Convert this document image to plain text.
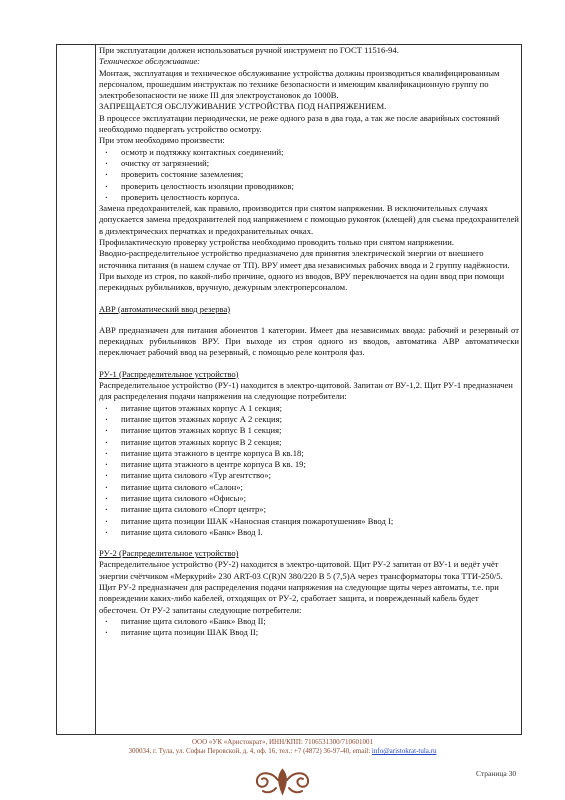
При эксплуатации должен использоваться ручной инструмент по ГОСТ 11516-94.

Техническое обслуживание:

Монтаж, эксплуатация и техническое обслуживание устройства должны производиться квалифицированным персоналом, прошедшим инструктаж по технике безопасности и имеющим квалификационную группу по электробезопасности не ниже III для электроустановок до 1000В.

ЗАПРЕЩАЕТСЯ ОБСЛУЖИВАНИЕ УСТРОЙСТВА ПОД НАПРЯЖЕНИЕМ.

В процессе эксплуатации периодически, не реже одного раза в два года, а так же после аварийных состояний необходимо подвергать устройство осмотру.

При этом необходимо произвести:

· осмотр и подтяжку контактных соединений;
· очистку от загрязнений;
· проверить состояние заземления;
· проверить целостность изоляции проводников;
· проверить целостность корпуса.

Замена предохранителей, как правило, производится при снятом напряжении. В исключительных случаях допускается замена предохранителей под напряжением с помощью рукояток (клещей) для съема предохранителей в диэлектрических перчатках и предохранительных очках.

Профилактическую проверку устройства необходимо проводить только при снятом напряжении.

Вводно-распределительное устройство предназначено для принятия электрической энергии от внешнего источника питания (в нашем случае от ТП). ВРУ имеет два независимых рабочих ввода и 2 группу надёжности. При выходе из строя, по какой-либо причине, одного из вводов, ВРУ переключается на один ввод при помощи перекидных рубильников, вручную, дежурным электроперсоналом.

АВР (автоматический ввод резерва)

АВР предназначен для питания абонентов 1 категории. Имеет два независимых ввода: рабочий и резервный от перекидных рубильников ВРУ. При выходе из строя одного из вводов, автоматика АВР автоматически переключает рабочий ввод на резервный, с помощью реле контроля фаз.

РУ-1 (Распределительное устройство)

Распределительное устройство (РУ-1) находится в электро-щитовой. Запитан от ВУ-1,2. Щит РУ-1 предназначен для распределения подачи напряжения на следующие потребители:

· питание щитов этажных корпус А 1 секция;
· питание щитов этажных корпус А 2 секция;
· питание щитов этажных корпус В 1 секция;
· питание щитов этажных корпус В 2 секция;
· питание щита этажного в центре корпуса В кв.18;
· питание щита этажного в центре корпуса В кв. 19;
· питание щита силового «Тур агентство»;
· питание щита силового «Салон»;
· питание щита силового «Офисы»;
· питание щита силового «Спорт центр»;
· питание щита позиции ШАК «Наносная станция пожаротушения» Ввод I;
· питание щита силового «Банк» Ввод I.

РУ-2 (Распределительное устройство)

Распределительное устройство (РУ-2) находится в электро-щитовой. Щит РУ-2 запитан от ВУ-1 и ведёт учёт энергии счётчиком «Меркурий» 230 ART-03 C(R)N 380/220 В 5 (7,5)А через трансформаторы тока ТТИ-250/5. Щит РУ-2 предназначен для распределения подачи напряжения на следующие щиты через автоматы, т.е. при повреждении каких-либо кабелей, отходящих от РУ-2, сработает защита, и поврежденный кабель будет обесточен. От РУ-2 запитаны следующие потребители:

· питание щита силового «Банк» Ввод II;
· питание щита позиции ШАК Ввод II;
ООО «УК «Аристократ», ИНН/КПП: 7106531300/710601001
300034, г. Тула, ул. Софьи Перовской, д. 4, оф. 16, тел.: +7 (4872) 36-97-40, email: info@aristokrat-tula.ru
Страница 30
